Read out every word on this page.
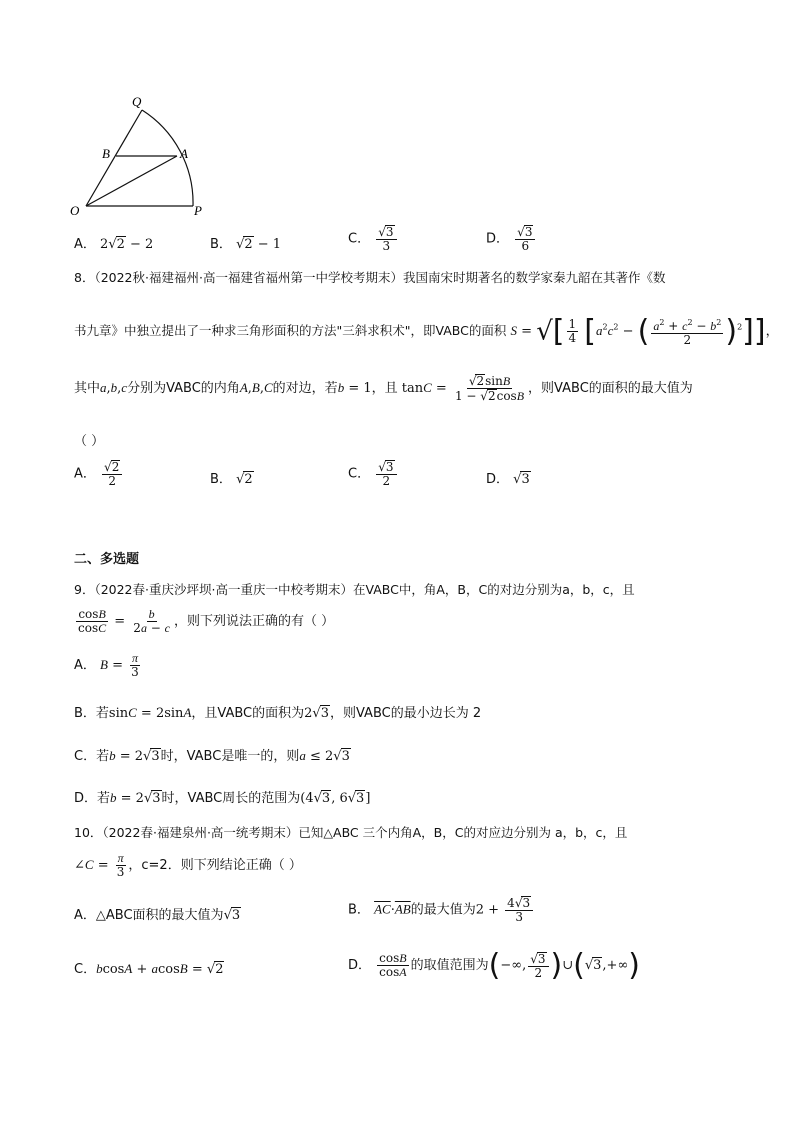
Q
B	A
O	P
A． 2√2 − 2	B． √2 − 1	C． $\frac{√3}{3}$	D． $\frac{√3}{6}$
8．（2022秋·福建福州·高一福建省福州第一中学校考期末）我国南宋时期著名的数学家秦九韶在其著作《数
书九章》中独立提出了一种求三角形面积的方法"三斜求积术"，即VABC的面积 S = √[ $\frac{1}{4} [a^2c^2$ − ( $\frac{a^2 + c^2 - b^2}{2} )^2$]]，
其中a,b,c分别为VABC的内角A,B,C的对边，若b = 1，且 $\tan C = \frac{√2\sin B}{1 - √2\cos B}$ ，则VABC的面积的最大值为
（ ）
A． $\frac{√2}{2}$	B． √2	C． $\frac{√3}{2}$	D． √3
二、多选题
9．（2022春·重庆沙坪坝·高一重庆一中校考期末）在VABC中，角A，B，C的对边分别为a，b，c，且
$\frac{\cos B}{\cos C} = \frac{b}{2a - c}$ ，则下列说法正确的有（ ）
A． $B = \frac{\pi}{3}$
B．若sinC = 2sinA，且VABC的面积为2√3，则VABC的最小边长为 2
C．若b = 2√3时，VABC是唯一的，则a ≤ 2√3
D．若b = 2√3时，VABC周长的范围为(4√3, 6√3]
10．（2022春·福建泉州·高一统考期末）已知△ABC 三个内角A，B，C的对应边分别为 a，b，c，且
∠C = $\frac{\pi}{3}$ ，c=2．则下列结论正确（ ）
A．△ABC面积的最大值为√3	B． $\overline{AC}\cdot\overline{AB}$的最大值为$2 + \frac{4√3}{3}$
C．bcosA + acosB = √2	D． $\frac{\cos B}{\cos A}$ 的取值范围为(−∞, $\frac{√3}{2}$ )∪(√3,+∞)
